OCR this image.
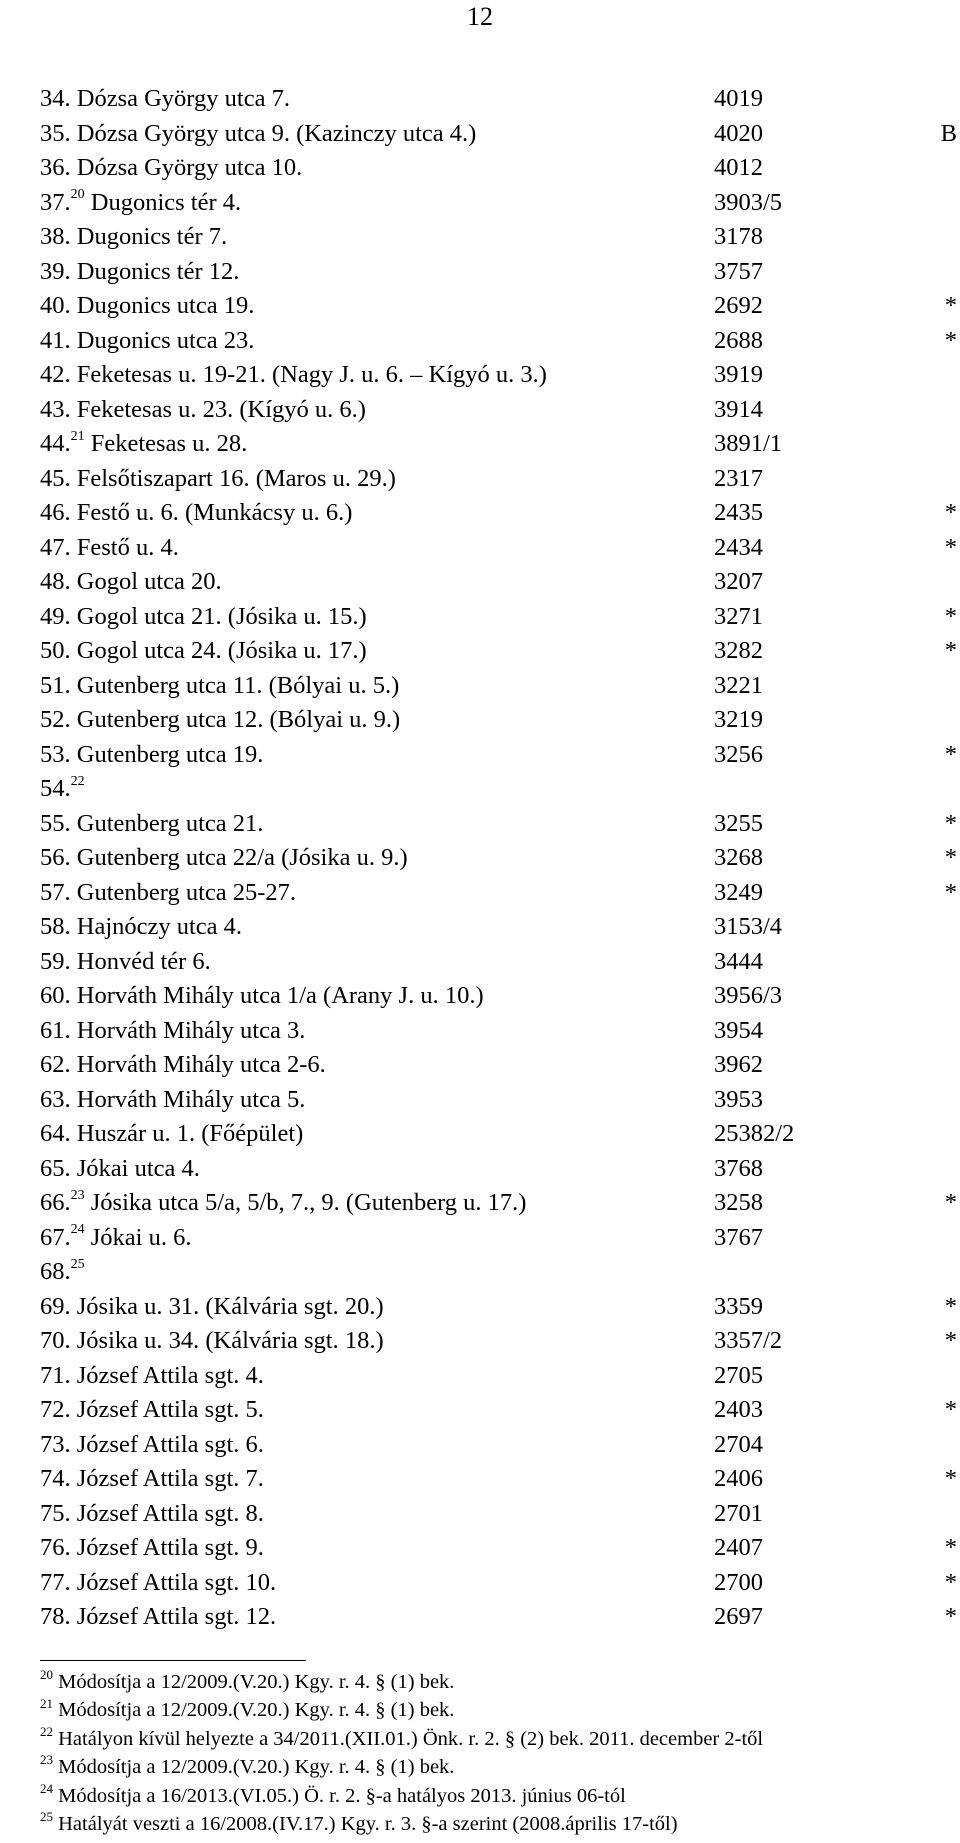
12
34. Dózsa György utca 7.	4019
35. Dózsa György utca 9. (Kazinczy utca 4.)	4020	B
36. Dózsa György utca 10.	4012
37.20 Dugonics tér 4.	3903/5
38. Dugonics tér 7.	3178
39. Dugonics tér 12.	3757
40. Dugonics utca 19.	2692	*
41. Dugonics utca 23.	2688	*
42. Feketesas u. 19-21. (Nagy J. u. 6. – Kígyó u. 3.)	3919
43. Feketesas u. 23. (Kígyó u. 6.)	3914
44.21 Feketesas u. 28.	3891/1
45. Felsőtiszapart 16. (Maros u. 29.)	2317
46. Festő u. 6. (Munkácsy u. 6.)	2435	*
47. Festő u. 4.	2434	*
48. Gogol utca 20.	3207
49. Gogol utca 21. (Jósika u. 15.)	3271	*
50. Gogol utca 24. (Jósika u. 17.)	3282	*
51. Gutenberg utca 11. (Bólyai u. 5.)	3221
52. Gutenberg utca 12. (Bólyai u. 9.)	3219
53. Gutenberg utca 19.	3256	*
54.22
55. Gutenberg utca 21.	3255	*
56. Gutenberg utca 22/a (Jósika u. 9.)	3268	*
57. Gutenberg utca 25-27.	3249	*
58. Hajnóczy utca 4.	3153/4
59. Honvéd tér 6.	3444
60. Horváth Mihály utca 1/a (Arany J. u. 10.)	3956/3
61. Horváth Mihály utca 3.	3954
62. Horváth Mihály utca 2-6.	3962
63. Horváth Mihály utca 5.	3953
64. Huszár u. 1. (Főépület)	25382/2
65. Jókai utca 4.	3768
66.23 Jósika utca 5/a, 5/b, 7., 9. (Gutenberg u. 17.)	3258	*
67.24 Jókai u. 6.	3767
68.25
69. Jósika u. 31. (Kálvária sgt. 20.)	3359	*
70. Jósika u. 34. (Kálvária sgt. 18.)	3357/2	*
71. József Attila sgt. 4.	2705
72. József Attila sgt. 5.	2403	*
73. József Attila sgt. 6.	2704
74. József Attila sgt. 7.	2406	*
75. József Attila sgt. 8.	2701
76. József Attila sgt. 9.	2407	*
77. József Attila sgt. 10.	2700	*
78. József Attila sgt. 12.	2697	*
$^{20}$ Módosítja a 12/2009.(V.20.) Kgy. r. 4. § (1) bek.
$^{21}$ Módosítja a 12/2009.(V.20.) Kgy. r. 4. § (1) bek.
$^{22}$ Hatályon kívül helyezte a 34/2011.(XII.01.) Önk. r. 2. § (2) bek. 2011. december 2-től
$^{23}$ Módosítja a 12/2009.(V.20.) Kgy. r. 4. § (1) bek.
$^{24}$ Módosítja a 16/2013.(VI.05.) Ö. r. 2. §-a hatályos 2013. június 06-tól
$^{25}$ Hatályát veszti a 16/2008.(IV.17.) Kgy. r. 3. §-a szerint (2008.április 17-től)
